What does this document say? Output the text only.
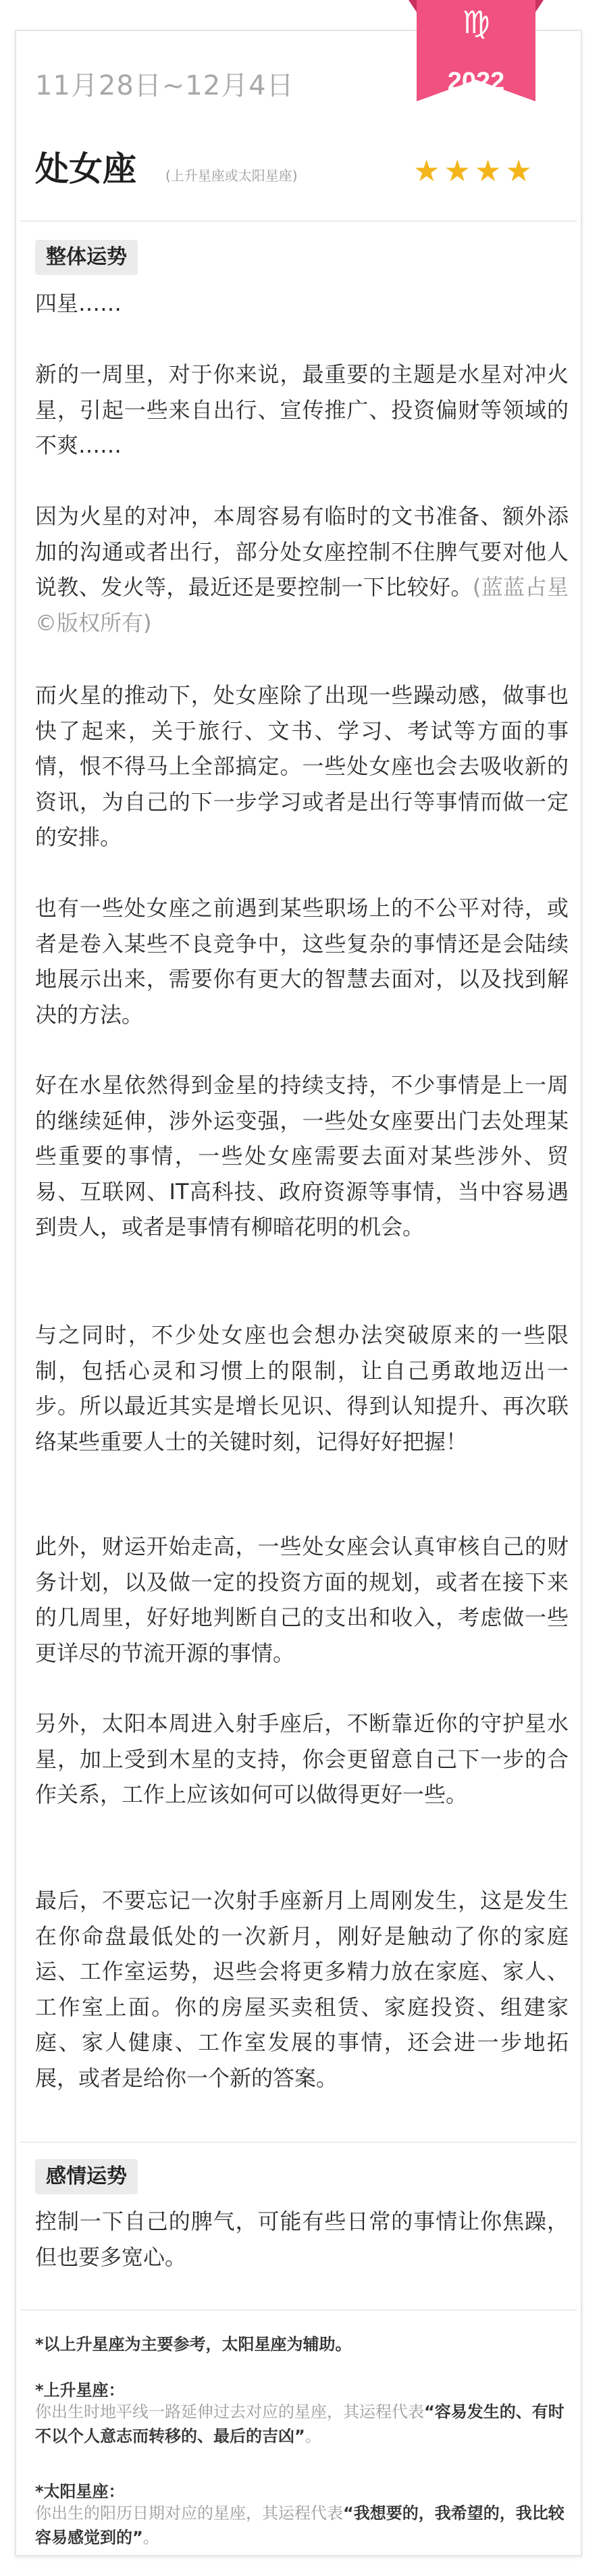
11月28日~12月4日
♍
2022
处女座 (上升星座或太阳星座)	★★★★
整体运势
四星……
新的一周里，对于你来说，最重要的主题是水星对冲火星，引起一些来自出行、宣传推广、投资偏财等领域的不爽……
因为火星的对冲，本周容易有临时的文书准备、额外添加的沟通或者出行，部分处女座控制不住脾气要对他人说教、发火等，最近还是要控制一下比较好。(蓝蓝占星©版权所有)
而火星的推动下，处女座除了出现一些躁动感，做事也快了起来，关于旅行、文书、学习、考试等方面的事情，恨不得马上全部搞定。一些处女座也会去吸收新的资讯，为自己的下一步学习或者是出行等事情而做一定的安排。
也有一些处女座之前遇到某些职场上的不公平对待，或者是卷入某些不良竞争中，这些复杂的事情还是会陆续地展示出来，需要你有更大的智慧去面对，以及找到解决的方法。
好在水星依然得到金星的持续支持，不少事情是上一周的继续延伸，涉外运变强，一些处女座要出门去处理某些重要的事情，一些处女座需要去面对某些涉外、贸易、互联网、IT高科技、政府资源等事情，当中容易遇到贵人，或者是事情有柳暗花明的机会。
与之同时，不少处女座也会想办法突破原来的一些限制，包括心灵和习惯上的限制，让自己勇敢地迈出一步。所以最近其实是增长见识、得到认知提升、再次联络某些重要人士的关键时刻，记得好好把握！
此外，财运开始走高，一些处女座会认真审核自己的财务计划，以及做一定的投资方面的规划，或者在接下来的几周里，好好地判断自己的支出和收入，考虑做一些更详尽的节流开源的事情。
另外，太阳本周进入射手座后，不断靠近你的守护星水星，加上受到木星的支持，你会更留意自己下一步的合作关系，工作上应该如何可以做得更好一些。
最后，不要忘记一次射手座新月上周刚发生，这是发生在你命盘最低处的一次新月，刚好是触动了你的家庭运、工作室运势，迟些会将更多精力放在家庭、家人、工作室上面。你的房屋买卖租赁、家庭投资、组建家庭、家人健康、工作室发展的事情，还会进一步地拓展，或者是给你一个新的答案。
感情运势
控制一下自己的脾气，可能有些日常的事情让你焦躁，但也要多宽心。
*以上升星座为主要参考，太阳星座为辅助。
*上升星座：
你出生时地平线一路延伸过去对应的星座，其运程代表“容易发生的、有时不以个人意志而转移的、最后的吉凶”。
*太阳星座：
你出生的阳历日期对应的星座，其运程代表“我想要的，我希望的，我比较容易感觉到的”。
